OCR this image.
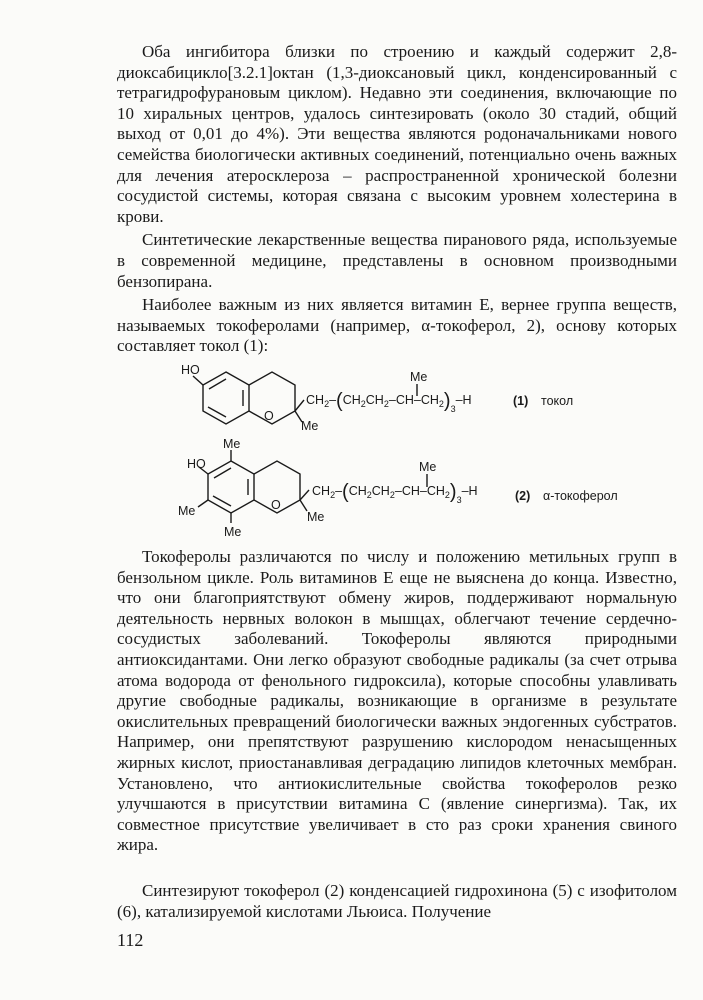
Оба ингибитора близки по строению и каждый содержит 2,8-диоксабицикло[3.2.1]октан (1,3-диоксановый цикл, конденсированный с тетрагидрофурановым циклом). Недавно эти соединения, включающие по 10 хиральных центров, удалось синтезировать (около 30 стадий, общий выход от 0,01 до 4%). Эти вещества являются родоначальниками нового семейства биологически активных соединений, потенциально очень важных для лечения атеросклероза – распространенной хронической болезни сосудистой системы, которая связана с высоким уровнем холестерина в крови.

Синтетические лекарственные вещества пиранового ряда, используемые в современной медицине, представлены в основном производными бензопирана.

Наиболее важным из них является витамин Е, вернее группа веществ, называемых токоферолами (например, α-токоферол, 2), основу которых составляет токол (1):

HO
O
Me
Me
$CH_2-(CH_2CH_2-CH-CH_2)_3-H$	(1) токол
Me
HO
Me
Me
O
Me
Me
$CH_2-(CH_2CH_2-CH-CH_2)_3-H$	(2) α-токоферол

Токоферолы различаются по числу и положению метильных групп в бензольном цикле. Роль витаминов Е еще не выяснена до конца. Известно, что они благоприятствуют обмену жиров, поддерживают нормальную деятельность нервных волокон в мышцах, облегчают течение сердечно-сосудистых заболеваний. Токоферолы являются природными антиоксидантами. Они легко образуют свободные радикалы (за счет отрыва атома водорода от фенольного гидроксила), которые способны улавливать другие свободные радикалы, возникающие в организме в результате окислительных превращений биологически важных эндогенных субстратов. Например, они препятствуют разрушению кислородом ненасыщенных жирных кислот, приостанавливая деградацию липидов клеточных мембран. Установлено, что антиокислительные свойства токоферолов резко улучшаются в присутствии витамина С (явление синергизма). Так, их совместное присутствие увеличивает в сто раз сроки хранения свиного жира.

Синтезируют токоферол (2) конденсацией гидрохинона (5) с изофитолом (6), катализируемой кислотами Льюиса. Получение

112
